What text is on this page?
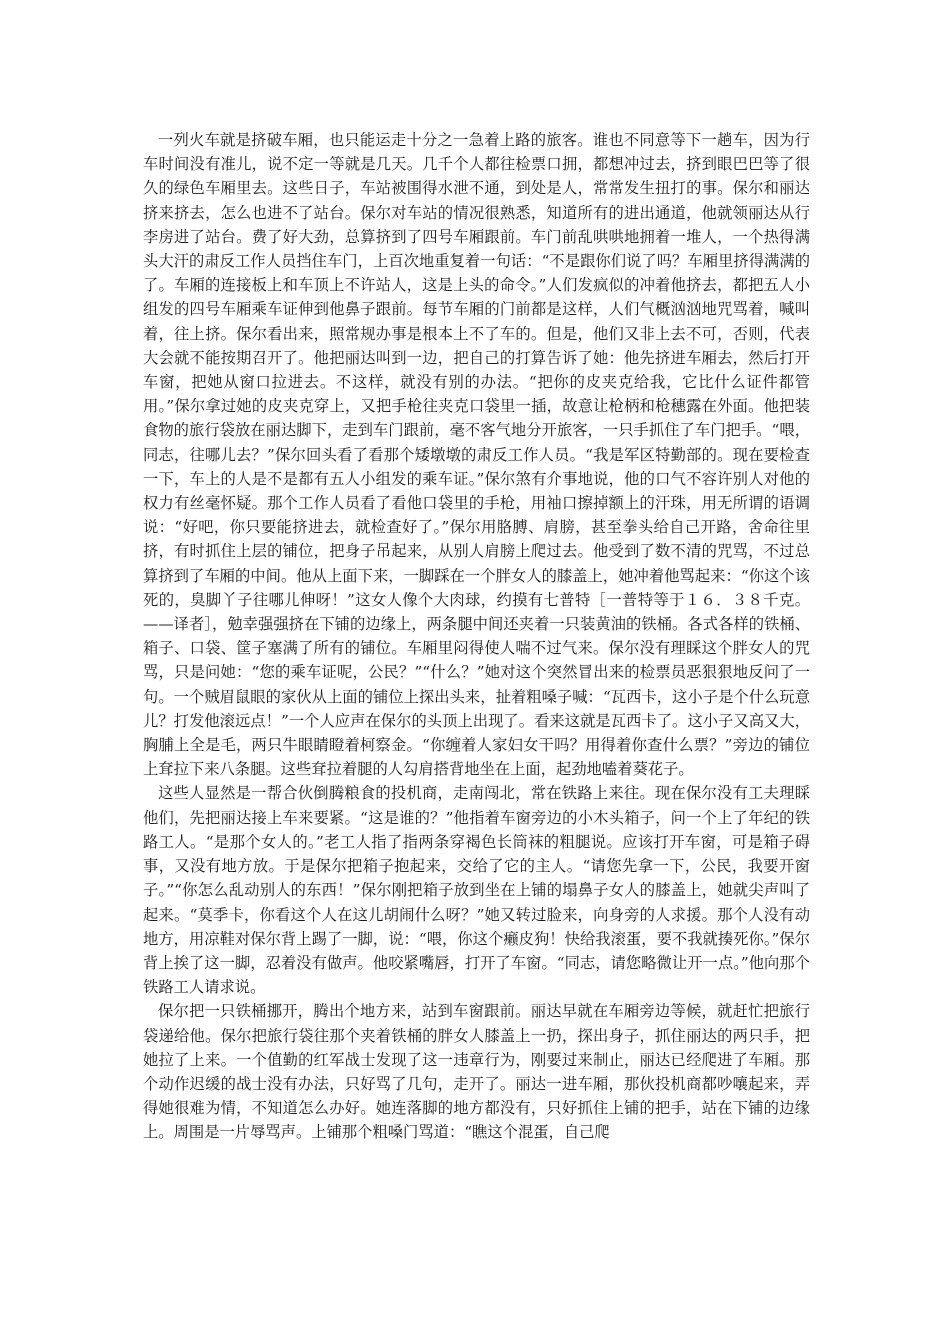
一列火车就是挤破车厢，也只能运走十分之一急着上路的旅客。谁也不同意等下一趟车，因为行车时间没有准儿，说不定一等就是几天。几千个人都往检票口拥，都想冲过去，挤到眼巴巴等了很久的绿色车厢里去。这些日子，车站被围得水泄不通，到处是人，常常发生扭打的事。保尔和丽达挤来挤去，怎么也进不了站台。保尔对车站的情况很熟悉，知道所有的进出通道，他就领丽达从行李房进了站台。费了好大劲，总算挤到了四号车厢跟前。车门前乱哄哄地拥着一堆人，一个热得满头大汗的肃反工作人员挡住车门，上百次地重复着一句话：“不是跟你们说了吗？车厢里挤得满满的了。车厢的连接板上和车顶上不许站人，这是上头的命令。”人们发疯似的冲着他挤去，都把五人小组发的四号车厢乘车证伸到他鼻子跟前。每节车厢的门前都是这样，人们气概汹汹地咒骂着，喊叫着，往上挤。保尔看出来，照常规办事是根本上不了车的。但是，他们又非上去不可，否则，代表大会就不能按期召开了。他把丽达叫到一边，把自己的打算告诉了她：他先挤进车厢去，然后打开车窗，把她从窗口拉进去。不这样，就没有别的办法。“把你的皮夹克给我，它比什么证件都管用。”保尔拿过她的皮夹克穿上，又把手枪往夹克口袋里一插，故意让枪柄和枪穗露在外面。他把装食物的旅行袋放在丽达脚下，走到车门跟前，毫不客气地分开旅客，一只手抓住了车门把手。“喂，同志，往哪儿去？”保尔回头看了看那个矮墩墩的肃反工作人员。“我是军区特勤部的。现在要检查一下，车上的人是不是都有五人小组发的乘车证。”保尔煞有介事地说，他的口气不容许别人对他的权力有丝毫怀疑。那个工作人员看了看他口袋里的手枪，用袖口擦掉额上的汗珠，用无所谓的语调说：“好吧，你只要能挤进去，就检查好了。”保尔用胳膊、肩膀，甚至拳头给自己开路，舍命往里挤，有时抓住上层的铺位，把身子吊起来，从别人肩膀上爬过去。他受到了数不清的咒骂，不过总算挤到了车厢的中间。他从上面下来，一脚踩在一个胖女人的膝盖上，她冲着他骂起来：“你这个该死的，臭脚丫子往哪儿伸呀！”这女人像个大肉球，约摸有七普特［一普特等于１６．３８千克。——译者］，勉幸强强挤在下铺的边缘上，两条腿中间还夹着一只装黄油的铁桶。各式各样的铁桶、箱子、口袋、筐子塞满了所有的铺位。车厢里闷得使人喘不过气来。保尔没有理睬这个胖女人的咒骂，只是问她：“您的乘车证呢，公民？”“什么？”她对这个突然冒出来的检票员恶狠狠地反问了一句。一个贼眉鼠眼的家伙从上面的铺位上探出头来，扯着粗嗓子喊：“瓦西卡，这小子是个什么玩意儿？打发他滚远点！”一个人应声在保尔的头顶上出现了。看来这就是瓦西卡了。这小子又高又大，胸脯上全是毛，两只牛眼睛瞪着柯察金。“你缠着人家妇女干吗？用得着你查什么票？”旁边的铺位上耷拉下来八条腿。这些耷拉着腿的人勾肩搭背地坐在上面，起劲地嗑着葵花子。

这些人显然是一帮合伙倒腾粮食的投机商，走南闯北，常在铁路上来往。现在保尔没有工夫理睬他们，先把丽达接上车来要紧。“这是谁的？”他指着车窗旁边的小木头箱子，问一个上了年纪的铁路工人。“是那个女人的。”老工人指了指两条穿褐色长筒袜的粗腿说。应该打开车窗，可是箱子碍事，又没有地方放。于是保尔把箱子抱起来，交给了它的主人。“请您先拿一下，公民，我要开窗子。”“你怎么乱动别人的东西！”保尔刚把箱子放到坐在上铺的塌鼻子女人的膝盖上，她就尖声叫了起来。“莫季卡，你看这个人在这儿胡闹什么呀？”她又转过脸来，向身旁的人求援。那个人没有动地方，用凉鞋对保尔背上踢了一脚，说：“喂，你这个癞皮狗！快给我滚蛋，要不我就揍死你。”保尔背上挨了这一脚，忍着没有做声。他咬紧嘴唇，打开了车窗。“同志，请您略微让开一点。”他向那个铁路工人请求说。

保尔把一只铁桶挪开，腾出个地方来，站到车窗跟前。丽达早就在车厢旁边等候，就赶忙把旅行袋递给他。保尔把旅行袋往那个夹着铁桶的胖女人膝盖上一扔，探出身子，抓住丽达的两只手，把她拉了上来。一个值勤的红军战士发现了这一违章行为，刚要过来制止，丽达已经爬进了车厢。那个动作迟缓的战士没有办法，只好骂了几句，走开了。丽达一进车厢，那伙投机商都吵嚷起来，弄得她很难为情，不知道怎么办好。她连落脚的地方都没有，只好抓住上铺的把手，站在下铺的边缘上。周围是一片辱骂声。上铺那个粗嗓门骂道：“瞧这个混蛋，自己爬
